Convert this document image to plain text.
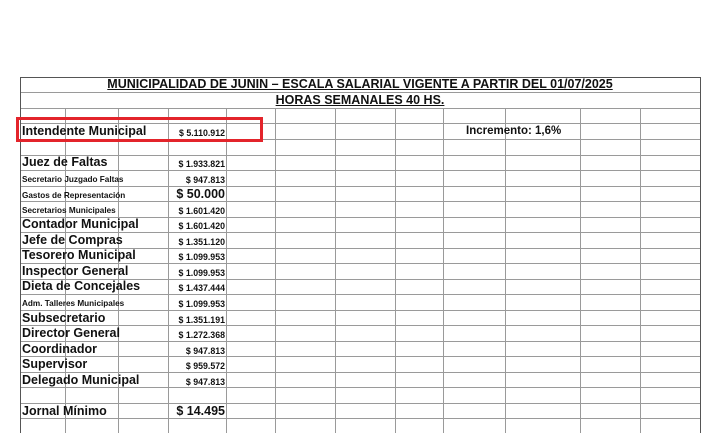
MUNICIPALIDAD DE JUNIN – ESCALA SALARIAL VIGENTE A PARTIR DEL 01/07/2025
HORAS SEMANALES 40 HS.
Incremento: 1,6%
Intendente Municipal	$ 5.110.912
Juez de Faltas	$ 1.933.821
Secretario Juzgado Faltas	$ 947.813
Gastos de Representación	$ 50.000
Secretarios Municipales	$ 1.601.420
Contador Municipal	$ 1.601.420
Jefe de Compras	$ 1.351.120
Tesorero Municipal	$ 1.099.953
Inspector General	$ 1.099.953
Dieta de Concejales	$ 1.437.444
Adm. Talleres Municipales	$ 1.099.953
Subsecretario	$ 1.351.191
Director General	$ 1.272.368
Coordinador	$ 947.813
Supervisor	$ 959.572
Delegado Municipal	$ 947.813
Jornal Mínimo	$ 14.495
